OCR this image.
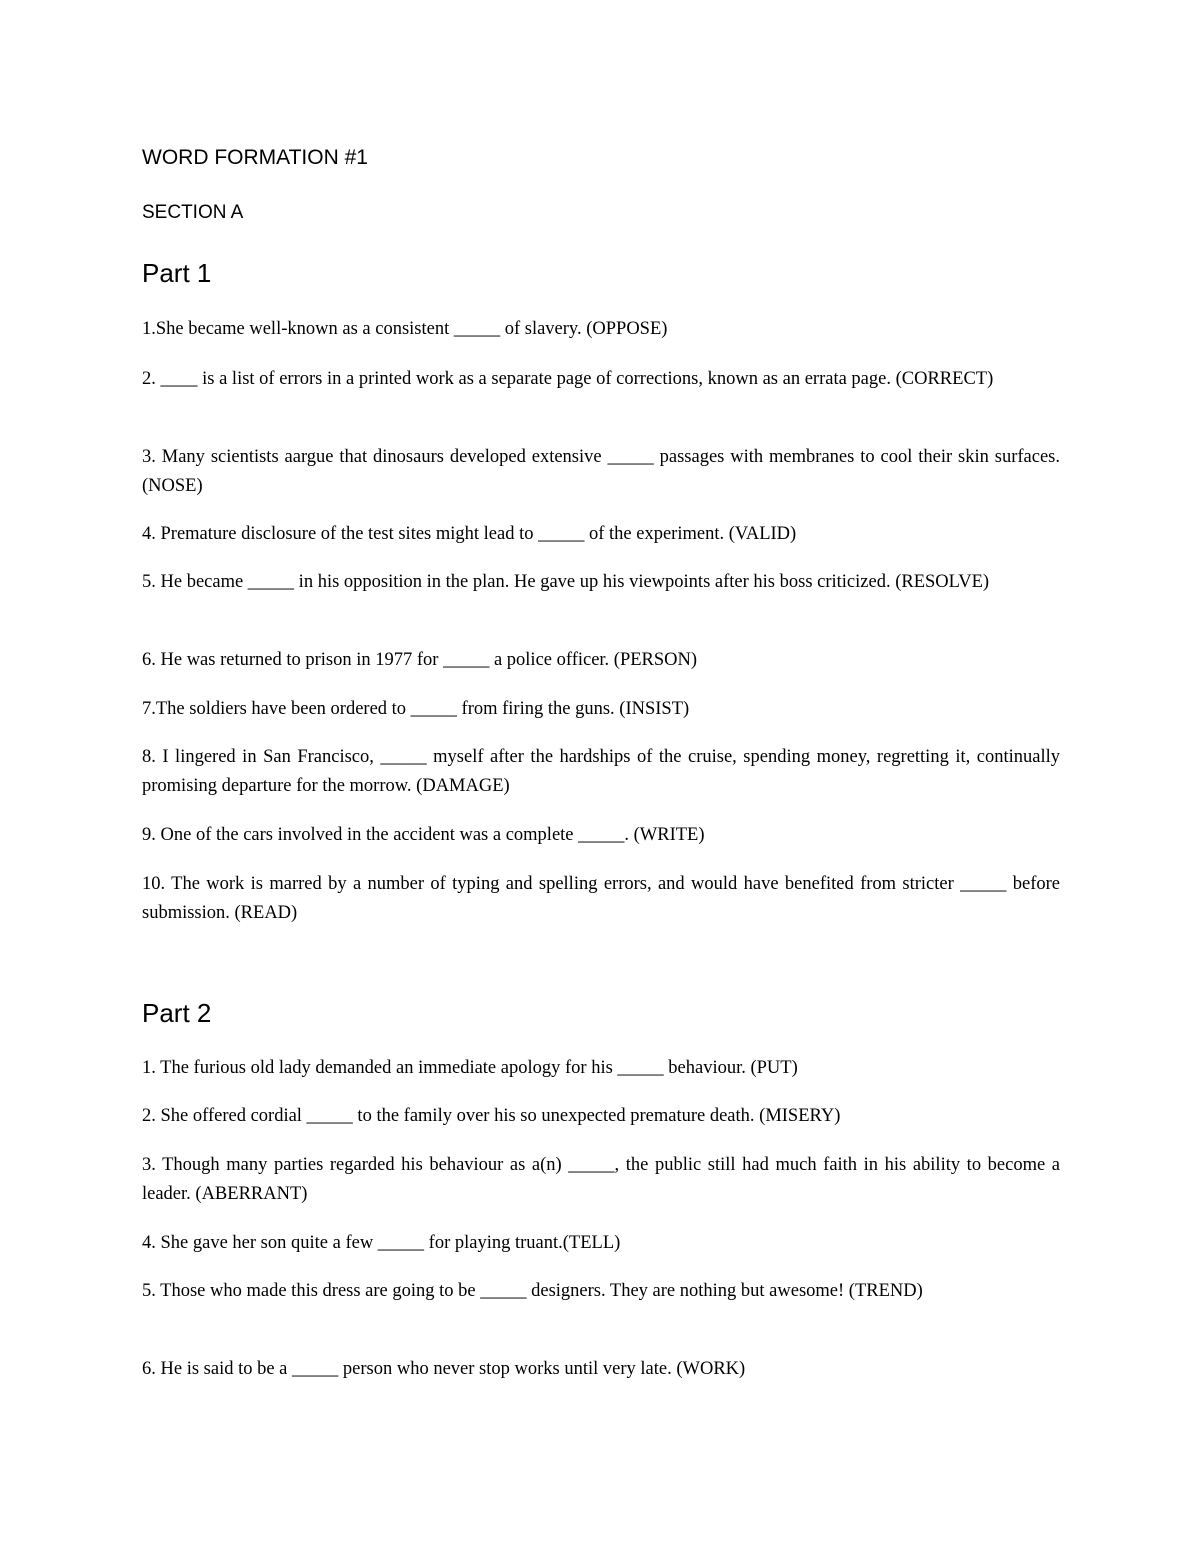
WORD FORMATION #1
SECTION A
Part 1

1.She became well-known as a consistent _____ of slavery. (OPPOSE)

2. ____ is a list of errors in a printed work as a separate page of corrections, known as an errata page. (CORRECT)

3. Many scientists aargue that dinosaurs developed extensive _____ passages with membranes to cool their skin surfaces. (NOSE)

4. Premature disclosure of the test sites might lead to _____ of the experiment. (VALID)

5. He became _____ in his opposition in the plan. He gave up his viewpoints after his boss criticized. (RESOLVE)

6. He was returned to prison in 1977 for _____ a police officer. (PERSON)

7.The soldiers have been ordered to _____ from firing the guns. (INSIST)

8. I lingered in San Francisco, _____ myself after the hardships of the cruise, spending money, regretting it, continually promising departure for the morrow. (DAMAGE)

9. One of the cars involved in the accident was a complete _____. (WRITE)

10. The work is marred by a number of typing and spelling errors, and would have benefited from stricter _____ before submission. (READ)

Part 2

1. The furious old lady demanded an immediate apology for his _____ behaviour. (PUT)

2. She offered cordial _____ to the family over his so unexpected premature death. (MISERY)

3. Though many parties regarded his behaviour as a(n) _____, the public still had much faith in his ability to become a leader. (ABERRANT)

4. She gave her son quite a few _____ for playing truant.(TELL)

5. Those who made this dress are going to be _____ designers. They are nothing but awesome! (TREND)

6. He is said to be a _____ person who never stop works until very late. (WORK)
